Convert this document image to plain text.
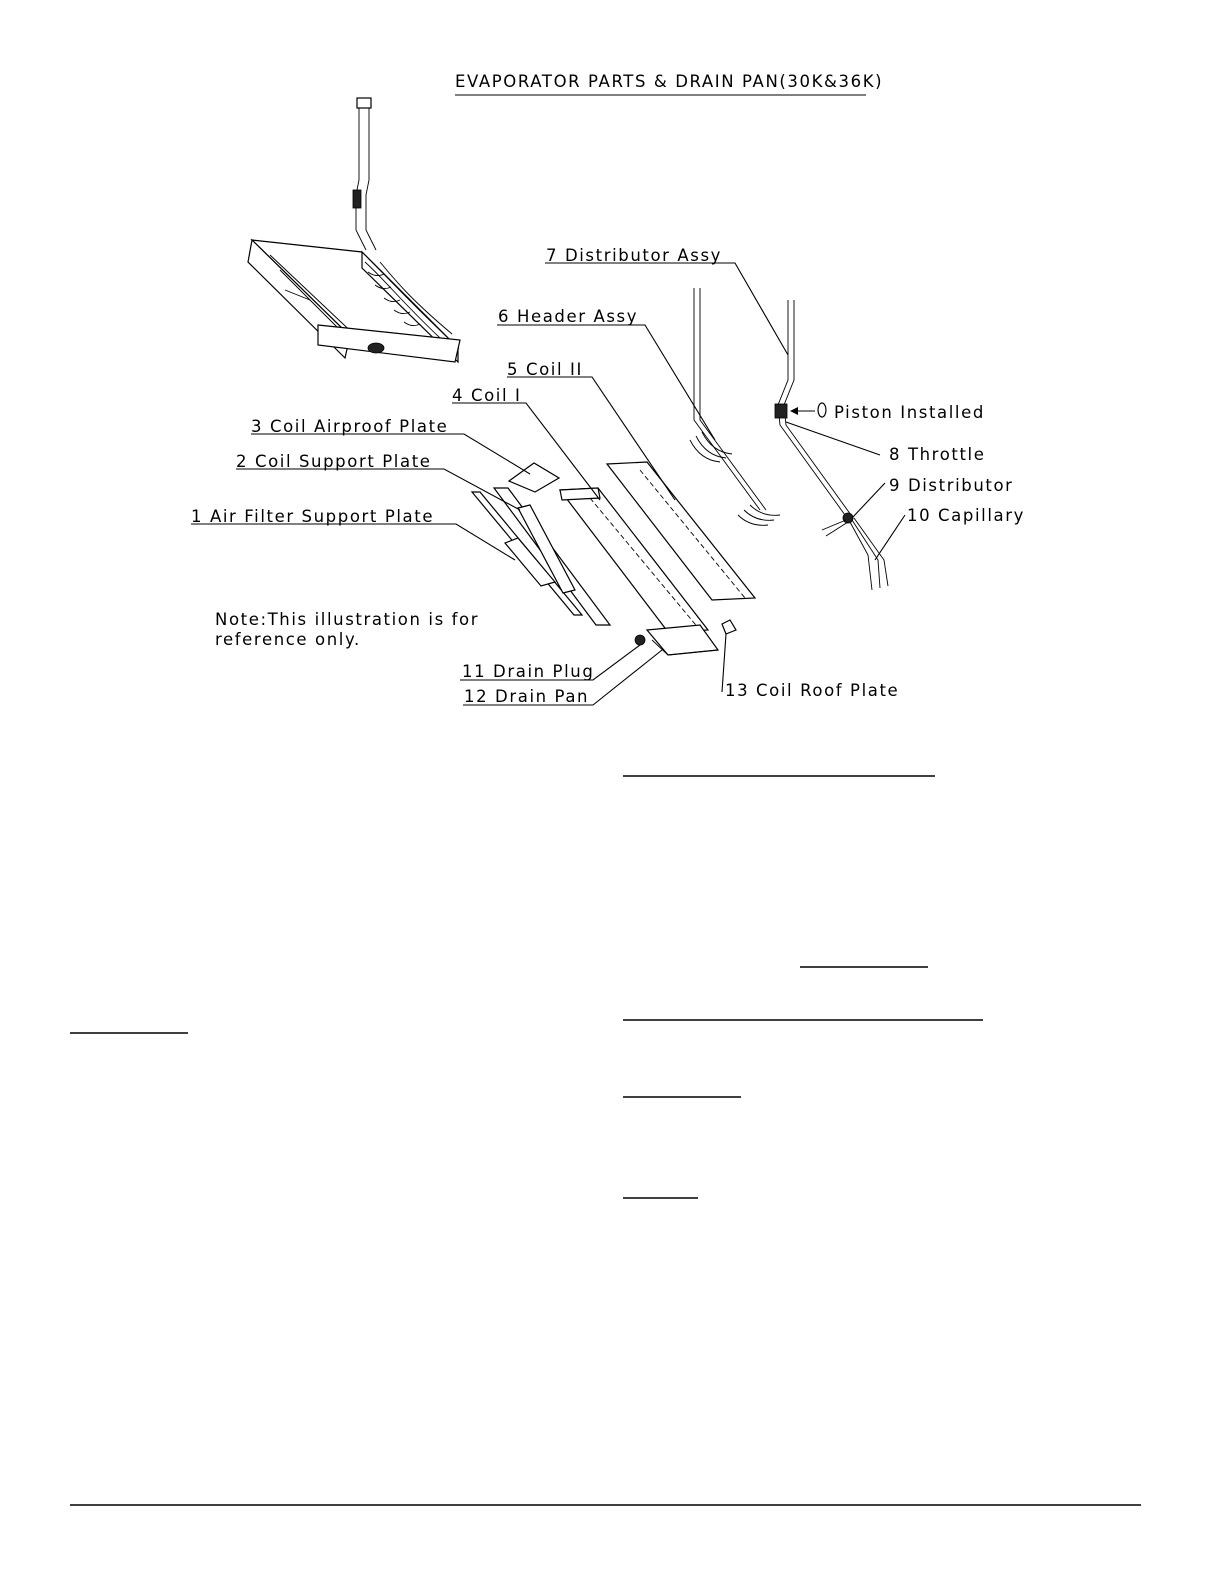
EVAPORATOR PARTS & DRAIN PAN(30K&36K)
7 Distributor Assy
6 Header Assy
5 Coil II
4 Coil I
3 Coil Airproof Plate
2 Coil Support Plate
1 Air Filter Support Plate
Piston Installed
8 Throttle
9 Distributor
10 Capillary
Note:This illustration is for
reference only.
11 Drain Plug
12 Drain Pan	13 Coil Roof Plate
